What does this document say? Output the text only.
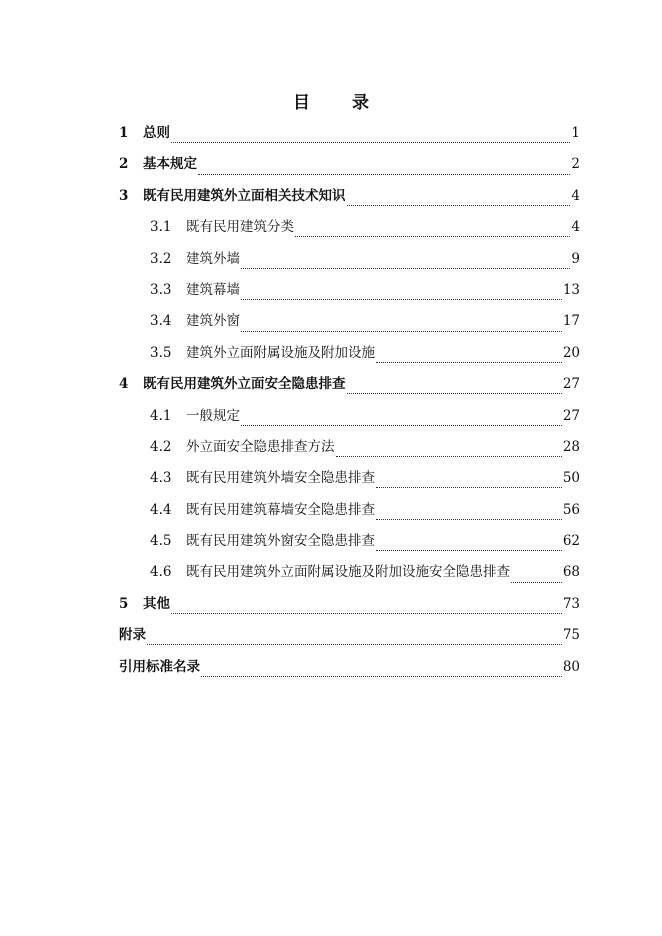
目 录
1	总则	1
2	基本规定	2
3	既有民用建筑外立面相关技术知识	4
3.1	既有民用建筑分类	4
3.2	建筑外墙	9
3.3	建筑幕墙	13
3.4	建筑外窗	17
3.5	建筑外立面附属设施及附加设施	20
4	既有民用建筑外立面安全隐患排查	27
4.1	一般规定	27
4.2	外立面安全隐患排查方法	28
4.3	既有民用建筑外墙安全隐患排查	50
4.4	既有民用建筑幕墙安全隐患排查	56
4.5	既有民用建筑外窗安全隐患排查	62
4.6	既有民用建筑外立面附属设施及附加设施安全隐患排查	68
5	其他	73
附录	75
引用标准名录	80
